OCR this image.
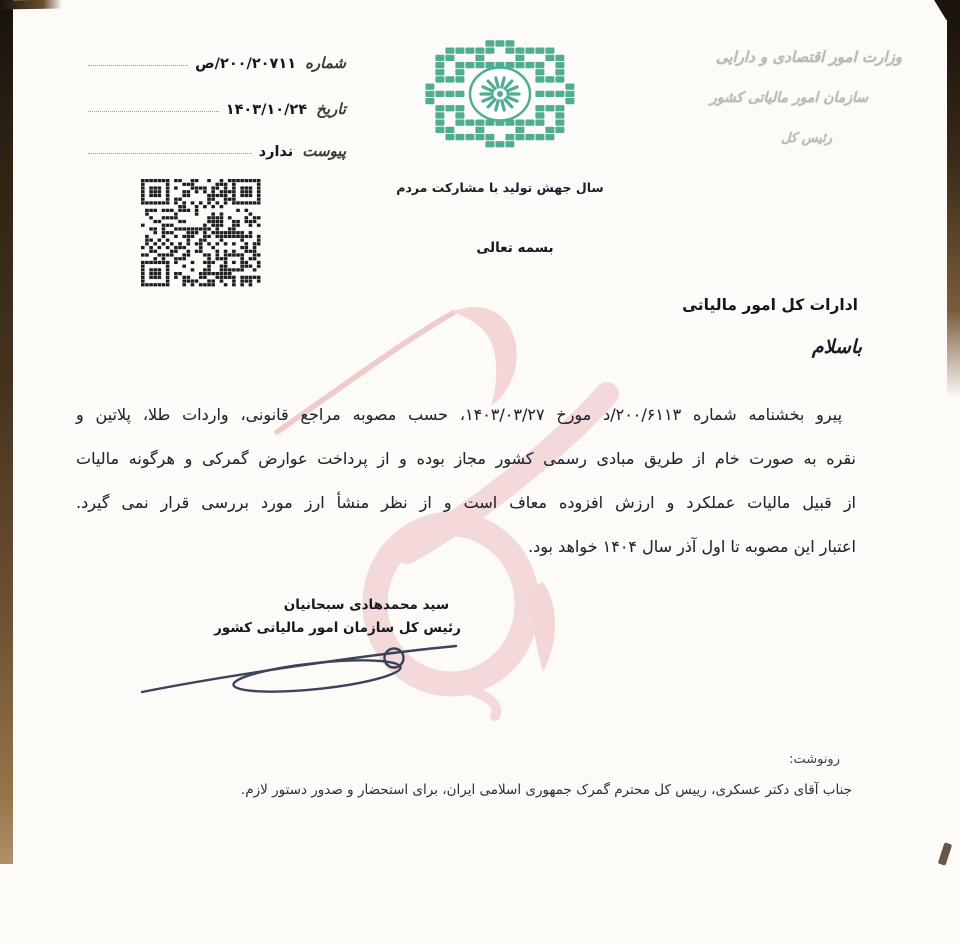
وزارت امور اقتصادی و دارایی
سازمان امور مالیاتی کشور
رئیس کل
شماره
۲۰۰/۲۰۷۱۱/ص
تاریخ
۱۴۰۳/۱۰/۲۴
پیوست
ندارد
سال جهش تولید با مشارکت مردم
بسمه تعالی
ادارات کل امور مالیاتی
باسلام
پیرو بخشنامه شماره ۲۰۰/۶۱۱۳/د مورخ ۱۴۰۳/۰۳/۲۷، حسب مصوبه مراجع قانونی، واردات طلا، پلاتین و
نقره به صورت خام از طریق مبادی رسمی کشور مجاز بوده و از پرداخت عوارض گمرکی و هرگونه مالیات
از قبیل مالیات عملکرد و ارزش افزوده معاف است و از نظر منشأ ارز مورد بررسی قرار نمی گیرد.
اعتبار این مصوبه تا اول آذر سال ۱۴۰۴ خواهد بود.
سید محمدهادی سبحانیان
رئیس کل سازمان امور مالیاتی کشور
رونوشت:
جناب آقای دکتر عسکری، رییس کل محترم گمرک جمهوری اسلامی ایران، برای استحضار و صدور دستور لازم.
